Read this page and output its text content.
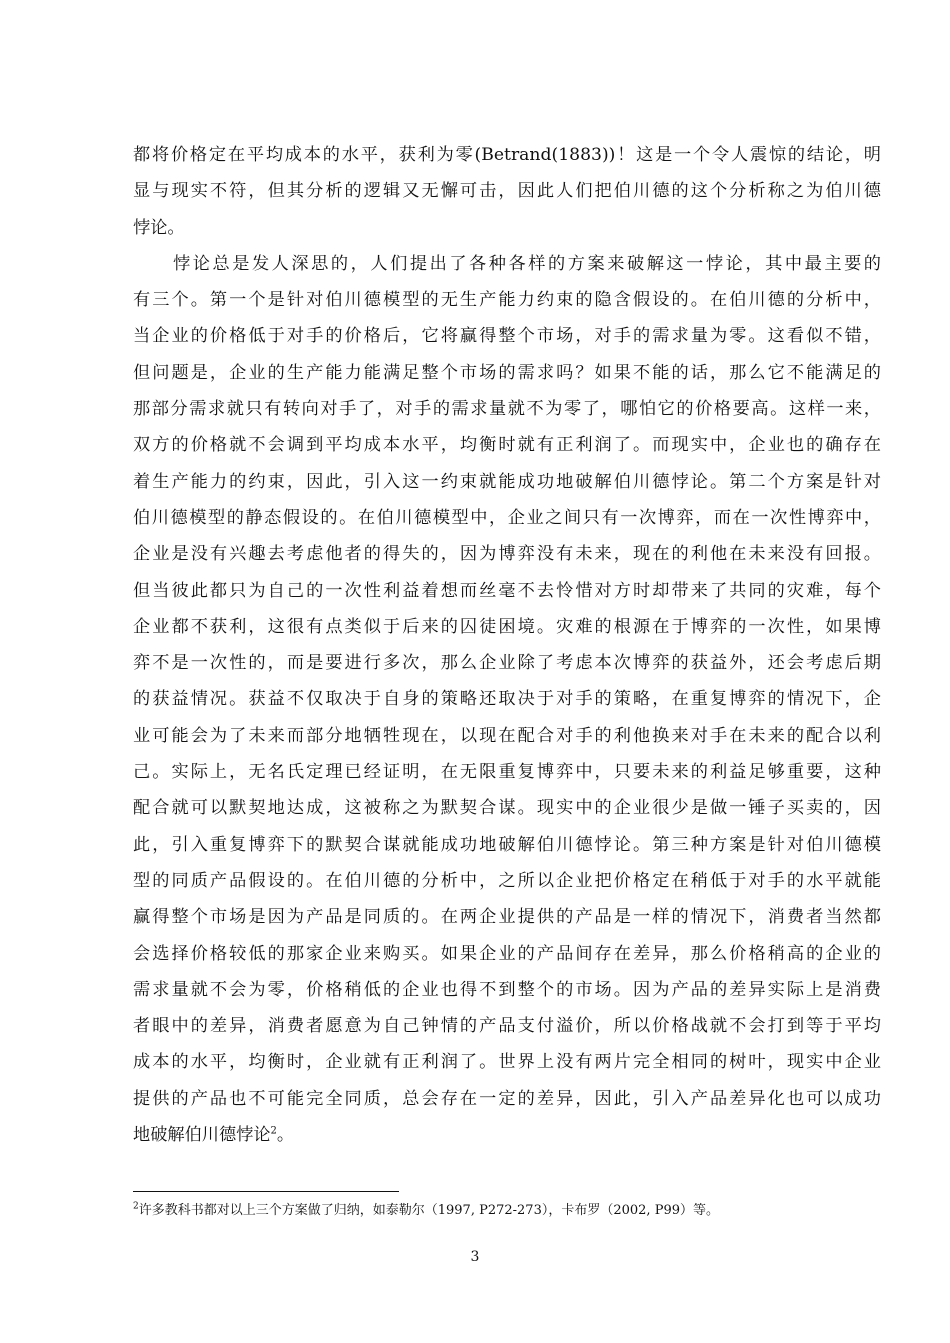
都将价格定在平均成本的水平，获利为零(Betrand(1883))！这是一个令人震惊的结论，明
显与现实不符，但其分析的逻辑又无懈可击，因此人们把伯川德的这个分析称之为伯川德
悖论。
悖论总是发人深思的，人们提出了各种各样的方案来破解这一悖论，其中最主要的
有三个。第一个是针对伯川德模型的无生产能力约束的隐含假设的。在伯川德的分析中，
当企业的价格低于对手的价格后，它将赢得整个市场，对手的需求量为零。这看似不错，
但问题是，企业的生产能力能满足整个市场的需求吗？如果不能的话，那么它不能满足的
那部分需求就只有转向对手了，对手的需求量就不为零了，哪怕它的价格要高。这样一来，
双方的价格就不会调到平均成本水平，均衡时就有正利润了。而现实中，企业也的确存在
着生产能力的约束，因此，引入这一约束就能成功地破解伯川德悖论。第二个方案是针对
伯川德模型的静态假设的。在伯川德模型中，企业之间只有一次博弈，而在一次性博弈中，
企业是没有兴趣去考虑他者的得失的，因为博弈没有未来，现在的利他在未来没有回报。
但当彼此都只为自己的一次性利益着想而丝毫不去怜惜对方时却带来了共同的灾难，每个
企业都不获利，这很有点类似于后来的囚徒困境。灾难的根源在于博弈的一次性，如果博
弈不是一次性的，而是要进行多次，那么企业除了考虑本次博弈的获益外，还会考虑后期
的获益情况。获益不仅取决于自身的策略还取决于对手的策略，在重复博弈的情况下，企
业可能会为了未来而部分地牺牲现在，以现在配合对手的利他换来对手在未来的配合以利
己。实际上，无名氏定理已经证明，在无限重复博弈中，只要未来的利益足够重要，这种
配合就可以默契地达成，这被称之为默契合谋。现实中的企业很少是做一锤子买卖的，因
此，引入重复博弈下的默契合谋就能成功地破解伯川德悖论。第三种方案是针对伯川德模
型的同质产品假设的。在伯川德的分析中，之所以企业把价格定在稍低于对手的水平就能
赢得整个市场是因为产品是同质的。在两企业提供的产品是一样的情况下，消费者当然都
会选择价格较低的那家企业来购买。如果企业的产品间存在差异，那么价格稍高的企业的
需求量就不会为零，价格稍低的企业也得不到整个的市场。因为产品的差异实际上是消费
者眼中的差异，消费者愿意为自己钟情的产品支付溢价，所以价格战就不会打到等于平均
成本的水平，均衡时，企业就有正利润了。世界上没有两片完全相同的树叶，现实中企业
提供的产品也不可能完全同质，总会存在一定的差异，因此，引入产品差异化也可以成功
地破解伯川德悖论$^2$。
$^2$许多教科书都对以上三个方案做了归纳，如泰勒尔（1997, P272-273），卡布罗（2002, P99）等。
3
